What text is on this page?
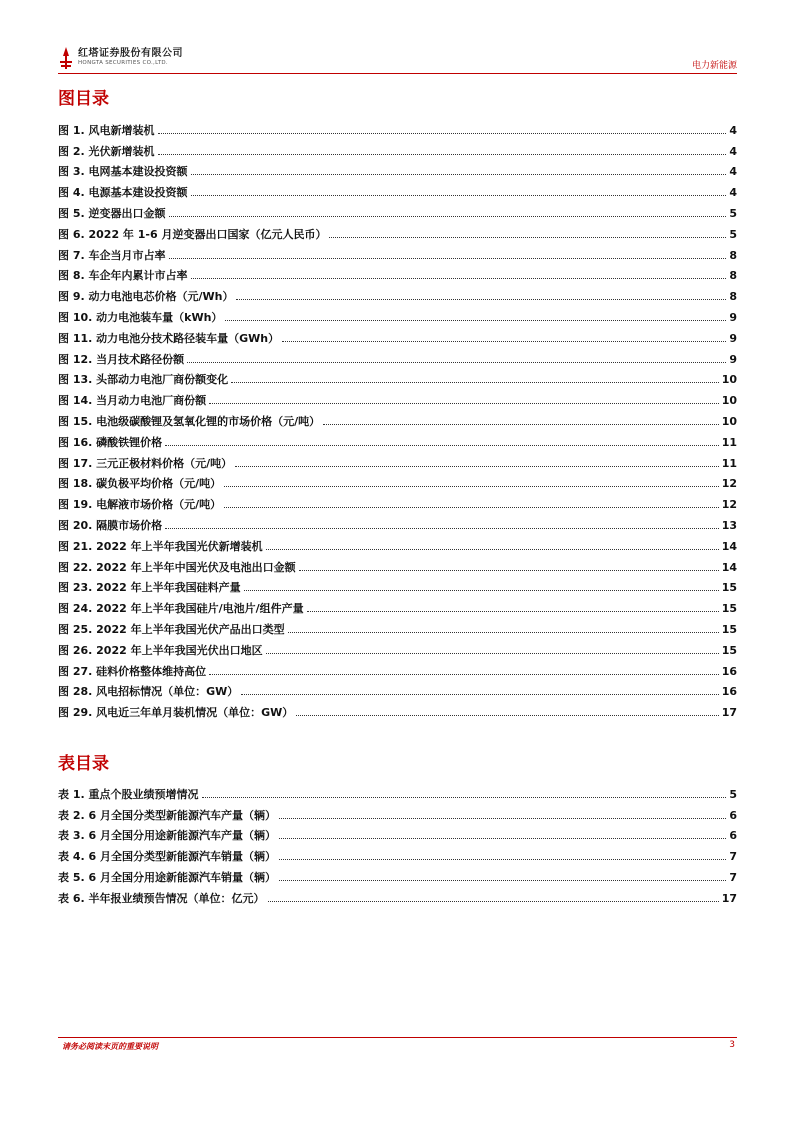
红塔证券股份有限公司
HONGTA SECURITIES CO.,LTD.	电力新能源
图目录
图 1. 风电新增装机	4
图 2. 光伏新增装机	4
图 3. 电网基本建设投资额	4
图 4. 电源基本建设投资额	4
图 5. 逆变器出口金额	5
图 6. 2022 年 1-6 月逆变器出口国家（亿元人民币）	5
图 7. 车企当月市占率	8
图 8. 车企年内累计市占率	8
图 9. 动力电池电芯价格（元/Wh）	8
图 10. 动力电池装车量（kWh）	9
图 11. 动力电池分技术路径装车量（GWh）	9
图 12. 当月技术路径份额	9
图 13. 头部动力电池厂商份额变化	10
图 14. 当月动力电池厂商份额	10
图 15. 电池级碳酸锂及氢氧化锂的市场价格（元/吨）	10
图 16. 磷酸铁锂价格	11
图 17. 三元正极材料价格（元/吨）	11
图 18. 碳负极平均价格（元/吨）	12
图 19. 电解液市场价格（元/吨）	12
图 20. 隔膜市场价格	13
图 21. 2022 年上半年我国光伏新增装机	14
图 22. 2022 年上半年中国光伏及电池出口金额	14
图 23. 2022 年上半年我国硅料产量	15
图 24. 2022 年上半年我国硅片/电池片/组件产量	15
图 25. 2022 年上半年我国光伏产品出口类型	15
图 26. 2022 年上半年我国光伏出口地区	15
图 27. 硅料价格整体维持高位	16
图 28. 风电招标情况（单位：GW）	16
图 29. 风电近三年单月装机情况（单位：GW）	17
表目录
表 1. 重点个股业绩预增情况	5
表 2. 6 月全国分类型新能源汽车产量（辆）	6
表 3. 6 月全国分用途新能源汽车产量（辆）	6
表 4. 6 月全国分类型新能源汽车销量（辆）	7
表 5. 6 月全国分用途新能源汽车销量（辆）	7
表 6. 半年报业绩预告情况（单位：亿元）	17
请务必阅读末页的重要说明	3
